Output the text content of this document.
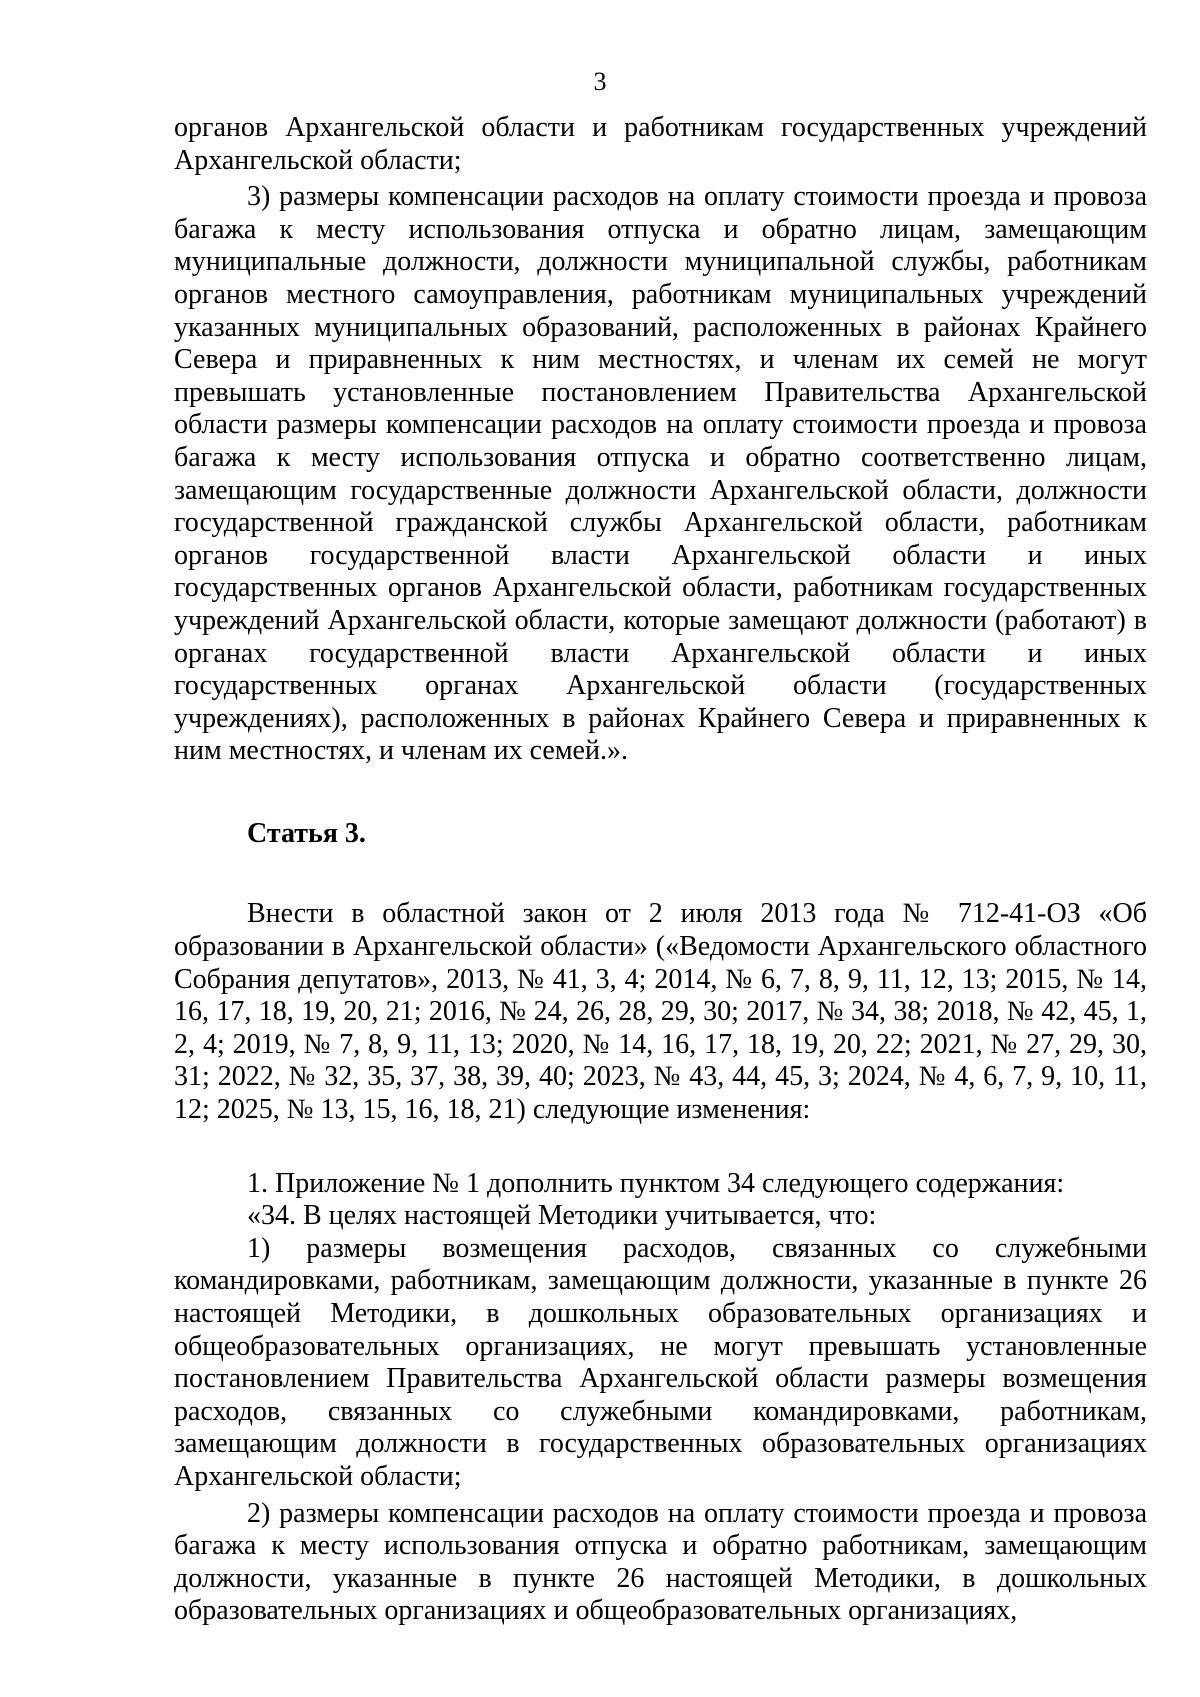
3

органов Архангельской области и работникам государственных учреждений Архангельской области;

3) размеры компенсации расходов на оплату стоимости проезда и провоза багажа к месту использования отпуска и обратно лицам, замещающим муниципальные должности, должности муниципальной службы, работникам органов местного самоуправления, работникам муниципальных учреждений указанных муниципальных образований, расположенных в районах Крайнего Севера и приравненных к ним местностях, и членам их семей не могут превышать установленные постановлением Правительства Архангельской области размеры компенсации расходов на оплату стоимости проезда и провоза багажа к месту использования отпуска и обратно соответственно лицам, замещающим государственные должности Архангельской области, должности государственной гражданской службы Архангельской области, работникам органов государственной власти Архангельской области и иных государственных органов Архангельской области, работникам государственных учреждений Архангельской области, которые замещают должности (работают) в органах государственной власти Архангельской области и иных государственных органах Архангельской области (государственных учреждениях), расположенных в районах Крайнего Севера и приравненных к ним местностях, и членам их семей.».

Статья 3.

Внести в областной закон от 2 июля 2013 года № 712-41-ОЗ «Об образовании в Архангельской области» («Ведомости Архангельского областного Собрания депутатов», 2013, № 41, 3, 4; 2014, № 6, 7, 8, 9, 11, 12, 13; 2015, № 14, 16, 17, 18, 19, 20, 21; 2016, № 24, 26, 28, 29, 30; 2017, № 34, 38; 2018, № 42, 45, 1, 2, 4; 2019, № 7, 8, 9, 11, 13; 2020, № 14, 16, 17, 18, 19, 20, 22; 2021, № 27, 29, 30, 31; 2022, № 32, 35, 37, 38, 39, 40; 2023, № 43, 44, 45, 3; 2024, № 4, 6, 7, 9, 10, 11, 12; 2025, № 13, 15, 16, 18, 21) следующие изменения:

1. Приложение № 1 дополнить пунктом 34 следующего содержания:

«34. В целях настоящей Методики учитывается, что:

1) размеры возмещения расходов, связанных со служебными командировками, работникам, замещающим должности, указанные в пункте 26 настоящей Методики, в дошкольных образовательных организациях и общеобразовательных организациях, не могут превышать установленные постановлением Правительства Архангельской области размеры возмещения расходов, связанных со служебными командировками, работникам, замещающим должности в государственных образовательных организациях Архангельской области;

2) размеры компенсации расходов на оплату стоимости проезда и провоза багажа к месту использования отпуска и обратно работникам, замещающим должности, указанные в пункте 26 настоящей Методики, в дошкольных образовательных организациях и общеобразовательных организациях,
